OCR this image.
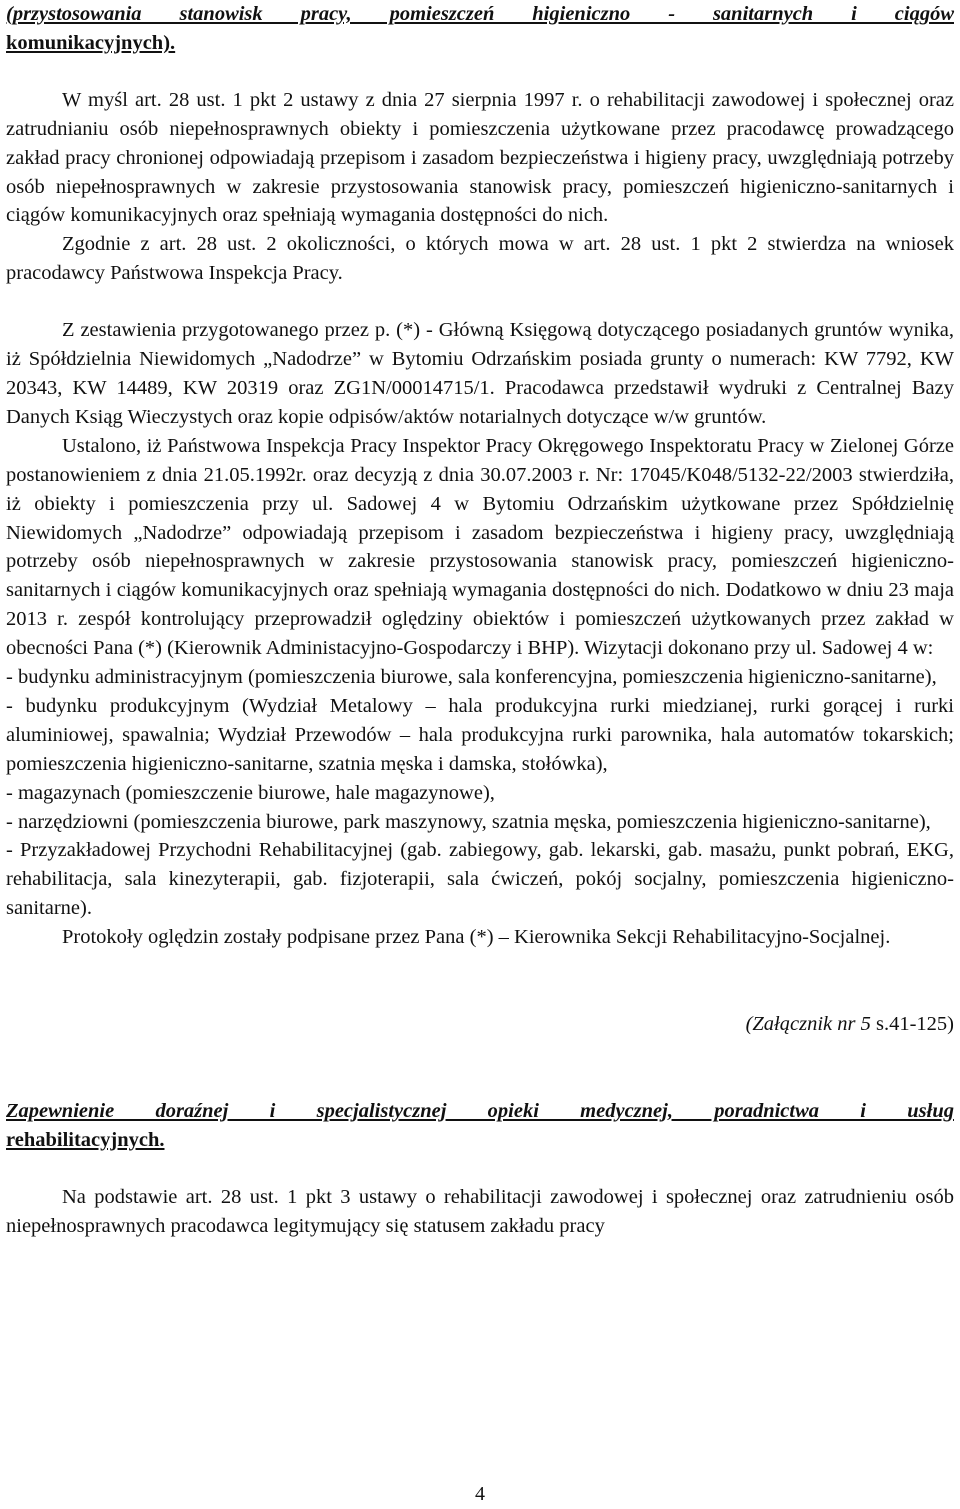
(przystosowania stanowisk pracy, pomieszczeń higieniczno - sanitarnych i ciągów

komunikacyjnych).

W myśl art. 28 ust. 1 pkt 2 ustawy z dnia 27 sierpnia 1997 r. o rehabilitacji zawodowej i społecznej oraz zatrudnianiu osób niepełnosprawnych obiekty i pomieszczenia użytkowane przez pracodawcę prowadzącego zakład pracy chronionej odpowiadają przepisom i zasadom bezpieczeństwa i higieny pracy, uwzględniają potrzeby osób niepełnosprawnych w zakresie przystosowania stanowisk pracy, pomieszczeń higieniczno-sanitarnych i ciągów komunikacyjnych oraz spełniają wymagania dostępności do nich.

Zgodnie z art. 28 ust. 2 okoliczności, o których mowa w art. 28 ust. 1 pkt 2 stwierdza na wniosek pracodawcy Państwowa Inspekcja Pracy.

Z zestawienia przygotowanego przez p. (*) - Główną Księgową dotyczącego posiadanych gruntów wynika, iż Spółdzielnia Niewidomych „Nadodrze” w Bytomiu Odrzańskim posiada grunty o numerach: KW 7792, KW 20343, KW 14489, KW 20319 oraz ZG1N/00014715/1. Pracodawca przedstawił wydruki z Centralnej Bazy Danych Ksiąg Wieczystych oraz kopie odpisów/aktów notarialnych dotyczące w/w gruntów.

Ustalono, iż Państwowa Inspekcja Pracy Inspektor Pracy Okręgowego Inspektoratu Pracy w Zielonej Górze postanowieniem z dnia 21.05.1992r. oraz decyzją z dnia 30.07.2003 r. Nr: 17045/K048/5132-22/2003 stwierdziła, iż obiekty i pomieszczenia przy ul. Sadowej 4 w Bytomiu Odrzańskim użytkowane przez Spółdzielnię Niewidomych „Nadodrze” odpowiadają przepisom i zasadom bezpieczeństwa i higieny pracy, uwzględniają potrzeby osób niepełnosprawnych w zakresie przystosowania stanowisk pracy, pomieszczeń higieniczno-sanitarnych i ciągów komunikacyjnych oraz spełniają wymagania dostępności do nich. Dodatkowo w dniu 23 maja 2013 r. zespół kontrolujący przeprowadził oględziny obiektów i pomieszczeń użytkowanych przez zakład w obecności Pana (*) (Kierownik Administacyjno-Gospodarczy i BHP). Wizytacji dokonano przy ul. Sadowej 4 w:

- budynku administracyjnym (pomieszczenia biurowe, sala konferencyjna, pomieszczenia higieniczno-sanitarne),

- budynku produkcyjnym (Wydział Metalowy – hala produkcyjna rurki miedzianej, rurki gorącej i rurki aluminiowej, spawalnia; Wydział Przewodów – hala produkcyjna rurki parownika, hala automatów tokarskich; pomieszczenia higieniczno-sanitarne, szatnia męska i damska, stołówka),

- magazynach (pomieszczenie biurowe, hale magazynowe),

- narzędziowni (pomieszczenia biurowe, park maszynowy, szatnia męska, pomieszczenia higieniczno-sanitarne),

- Przyzakładowej Przychodni Rehabilitacyjnej (gab. zabiegowy, gab. lekarski, gab. masażu, punkt pobrań, EKG, rehabilitacja, sala kinezyterapii, gab. fizjoterapii, sala ćwiczeń, pokój socjalny, pomieszczenia higieniczno-sanitarne).

Protokoły oględzin zostały podpisane przez Pana (*) – Kierownika Sekcji Rehabilitacyjno-Socjalnej.

(Załącznik nr 5 s.41-125)

Zapewnienie doraźnej i specjalistycznej opieki medycznej, poradnictwa i usług

rehabilitacyjnych.

Na podstawie art. 28 ust. 1 pkt 3 ustawy o rehabilitacji zawodowej i społecznej oraz zatrudnieniu osób niepełnosprawnych pracodawca legitymujący się statusem zakładu pracy

4
